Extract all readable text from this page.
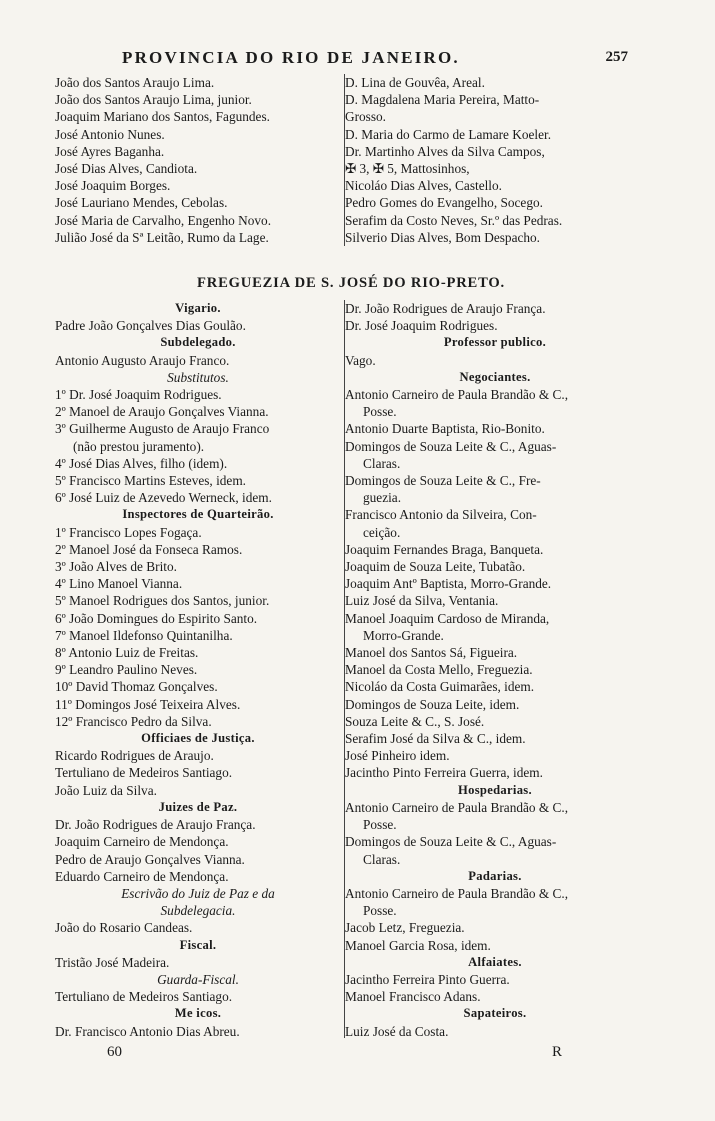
PROVINCIA DO RIO DE JANEIRO.	257
João dos Santos Araujo Lima.
João dos Santos Araujo Lima, junior.
Joaquim Mariano dos Santos, Fagundes.
José Antonio Nunes.
José Ayres Baganha.
José Dias Alves, Candiota.
José Joaquim Borges.
José Lauriano Mendes, Cebolas.
José Maria de Carvalho, Engenho Novo.
Julião José da Sª Leitão, Rumo da Lage.
D. Lina de Gouvêa, Areal.
D. Magdalena Maria Pereira, Matto-
Grosso.
D. Maria do Carmo de Lamare Koeler.
Dr. Martinho Alves da Silva Campos,
✠ 3, ✠ 5, Mattosinhos,
Nicoláo Dias Alves, Castello.
Pedro Gomes do Evangelho, Socego.
Serafim da Costo Neves, Sr.º das Pedras.
Silverio Dias Alves, Bom Despacho.
FREGUEZIA DE S. JOSÉ DO RIO-PRETO.
Vigario.
Padre João Gonçalves Dias Goulão.
Subdelegado.
Antonio Augusto Araujo Franco.
Substitutos.
1º Dr. José Joaquim Rodrigues.
2º Manoel de Araujo Gonçalves Vianna.
3º Guilherme Augusto de Araujo Franco
(não prestou juramento).
4º José Dias Alves, filho (idem).
5º Francisco Martins Esteves, idem.
6º José Luiz de Azevedo Werneck, idem.
Inspectores de Quarteirão.
1º Francisco Lopes Fogaça.
2º Manoel José da Fonseca Ramos.
3º João Alves de Brito.
4º Lino Manoel Vianna.
5º Manoel Rodrigues dos Santos, junior.
6º João Domingues do Espirito Santo.
7º Manoel Ildefonso Quintanilha.
8º Antonio Luiz de Freitas.
9º Leandro Paulino Neves.
10º David Thomaz Gonçalves.
11º Domingos José Teixeira Alves.
12º Francisco Pedro da Silva.
Officiaes de Justiça.
Ricardo Rodrigues de Araujo.
Tertuliano de Medeiros Santiago.
João Luiz da Silva.
Juizes de Paz.
Dr. João Rodrigues de Araujo França.
Joaquim Carneiro de Mendonça.
Pedro de Araujo Gonçalves Vianna.
Eduardo Carneiro de Mendonça.
Escrivão do Juiz de Paz e da
Subdelegacia.
João do Rosario Candeas.
Fiscal.
Tristão José Madeira.
Guarda-Fiscal.
Tertuliano de Medeiros Santiago.
Me icos.
Dr. Francisco Antonio Dias Abreu.
Dr. João Rodrigues de Araujo França.
Dr. José Joaquim Rodrigues.
Professor publico.
Vago.
Negociantes.
Antonio Carneiro de Paula Brandão & C.,
Posse.
Antonio Duarte Baptista, Rio-Bonito.
Domingos de Souza Leite & C., Aguas-
Claras.
Domingos de Souza Leite & C., Fre-
guezia.
Francisco Antonio da Silveira, Con-
ceição.
Joaquim Fernandes Braga, Banqueta.
Joaquim de Souza Leite, Tubatão.
Joaquim Antº Baptista, Morro-Grande.
Luiz José da Silva, Ventania.
Manoel Joaquim Cardoso de Miranda,
Morro-Grande.
Manoel dos Santos Sá, Figueira.
Manoel da Costa Mello, Freguezia.
Nicoláo da Costa Guimarães, idem.
Domingos de Souza Leite, idem.
Souza Leite & C., S. José.
Serafim José da Silva & C., idem.
José Pinheiro idem.
Jacintho Pinto Ferreira Guerra, idem.
Hospedarias.
Antonio Carneiro de Paula Brandão & C.,
Posse.
Domingos de Souza Leite & C., Aguas-
Claras.
Padarias.
Antonio Carneiro de Paula Brandão & C.,
Posse.
Jacob Letz, Freguezia.
Manoel Garcia Rosa, idem.
Alfaiates.
Jacintho Ferreira Pinto Guerra.
Manoel Francisco Adans.
Sapateiros.
Luiz José da Costa.
60	R
